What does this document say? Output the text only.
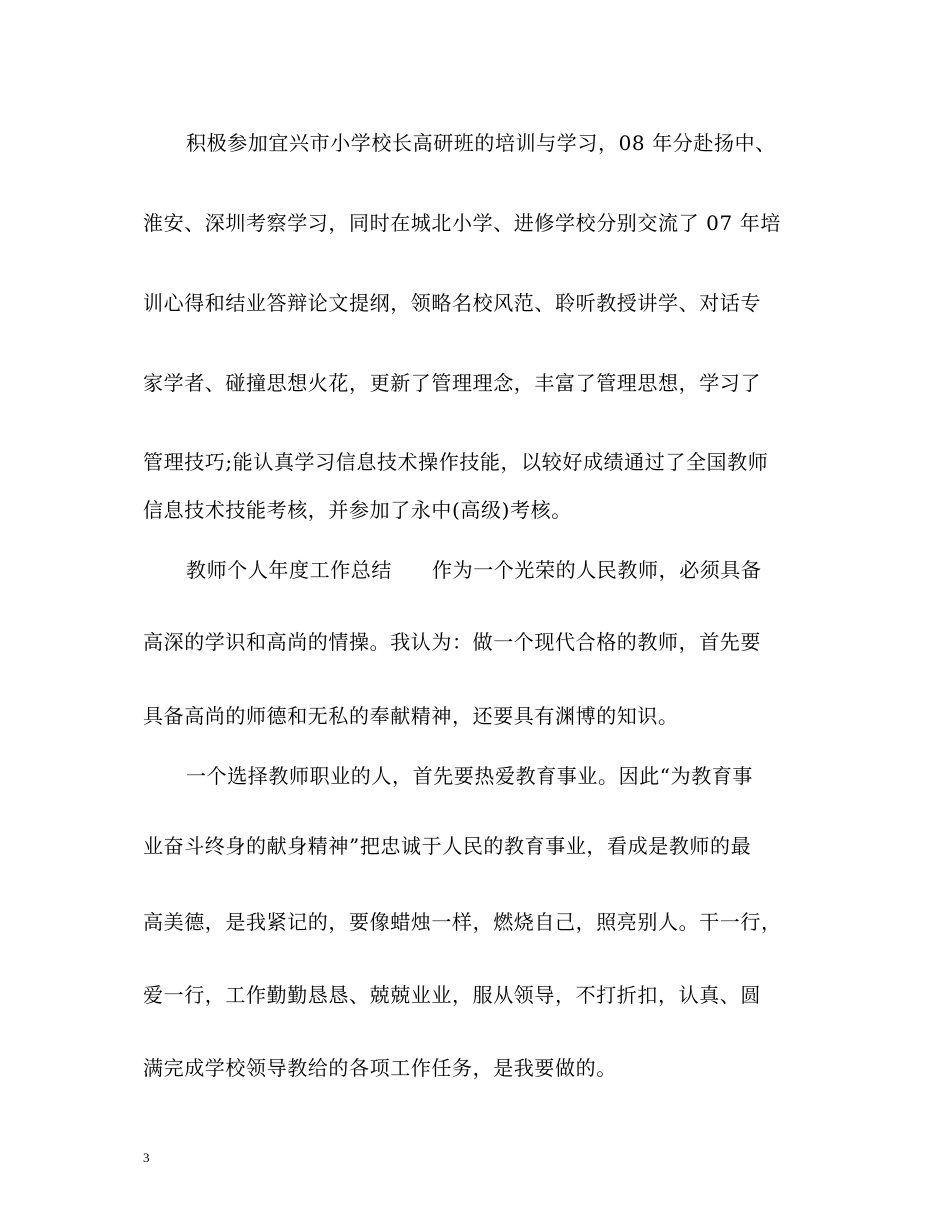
积极参加宜兴市小学校长高研班的培训与学习，08 年分赴扬中、
淮安、深圳考察学习，同时在城北小学、进修学校分别交流了 07 年培
训心得和结业答辩论文提纲，领略名校风范、聆听教授讲学、对话专
家学者、碰撞思想火花，更新了管理理念，丰富了管理思想，学习了
管理技巧;能认真学习信息技术操作技能，以较好成绩通过了全国教师
信息技术技能考核，并参加了永中(高级)考核。
教师个人年度工作总结 作为一个光荣的人民教师，必须具备
高深的学识和高尚的情操。我认为：做一个现代合格的教师，首先要
具备高尚的师德和无私的奉献精神，还要具有渊博的知识。
一个选择教师职业的人，首先要热爱教育事业。因此“为教育事
业奋斗终身的献身精神”把忠诚于人民的教育事业，看成是教师的最
高美德，是我紧记的，要像蜡烛一样，燃烧自己，照亮别人。干一行，
爱一行，工作勤勤恳恳、兢兢业业，服从领导，不打折扣，认真、圆
满完成学校领导教给的各项工作任务，是我要做的。
3
